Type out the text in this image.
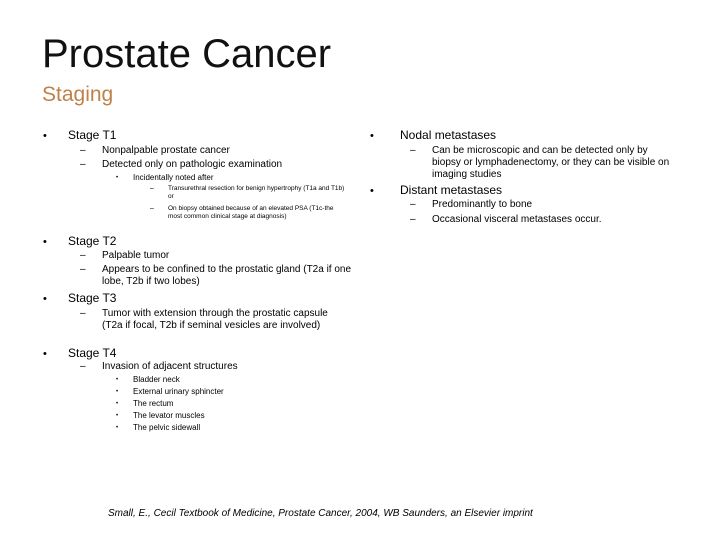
Prostate Cancer
Staging
• Stage T1
– Nonpalpable prostate cancer
– Detected only on pathologic examination
• Incidentally noted after
– Transurethral resection for benign hypertrophy (T1a and T1b) or
– On biopsy obtained because of an elevated PSA (T1c-the most common clinical stage at diagnosis)
• Stage T2
– Palpable tumor
– Appears to be confined to the prostatic gland (T2a if one lobe, T2b if two lobes)
• Stage T3
– Tumor with extension through the prostatic capsule (T2a if focal, T2b if seminal vesicles are involved)
• Stage T4
– Invasion of adjacent structures
• Bladder neck
• External urinary sphincter
• The rectum
• The levator muscles
• The pelvic sidewall
• Nodal metastases
– Can be microscopic and can be detected only by biopsy or lymphadenectomy, or they can be visible on imaging studies
• Distant metastases
– Predominantly to bone
– Occasional visceral metastases occur.
Small, E., Cecil Textbook of Medicine, Prostate Cancer, 2004, WB Saunders, an Elsevier imprint
